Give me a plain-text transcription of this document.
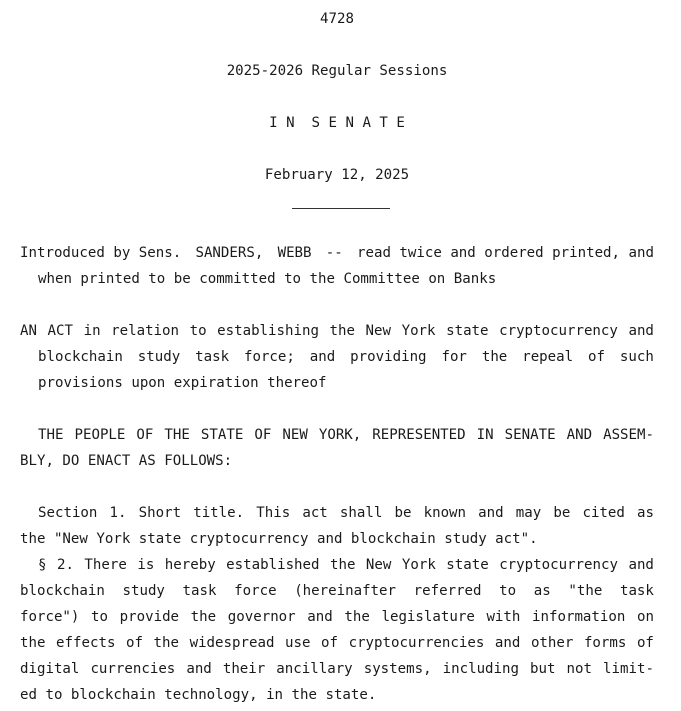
4728
2025-2026 Regular Sessions
I N  S E N A T E
February 12, 2025
Introduced by Sens. SANDERS, WEBB -- read twice and ordered printed, and
when printed to be committed to the Committee on Banks
AN ACT in relation to establishing the New York state cryptocurrency and
blockchain study task force; and providing for the repeal of such
provisions upon expiration thereof
THE PEOPLE OF THE STATE OF NEW YORK, REPRESENTED IN SENATE AND ASSEM-
BLY, DO ENACT AS FOLLOWS:
Section 1. Short title. This act shall be known and may be cited as
the "New York state cryptocurrency and blockchain study act".
§ 2. There is hereby established the New York state cryptocurrency and
blockchain study task force (hereinafter referred to as "the task
force") to provide the governor and the legislature with information on
the effects of the widespread use of cryptocurrencies and other forms of
digital currencies and their ancillary systems, including but not limit-
ed to blockchain technology, in the state.
